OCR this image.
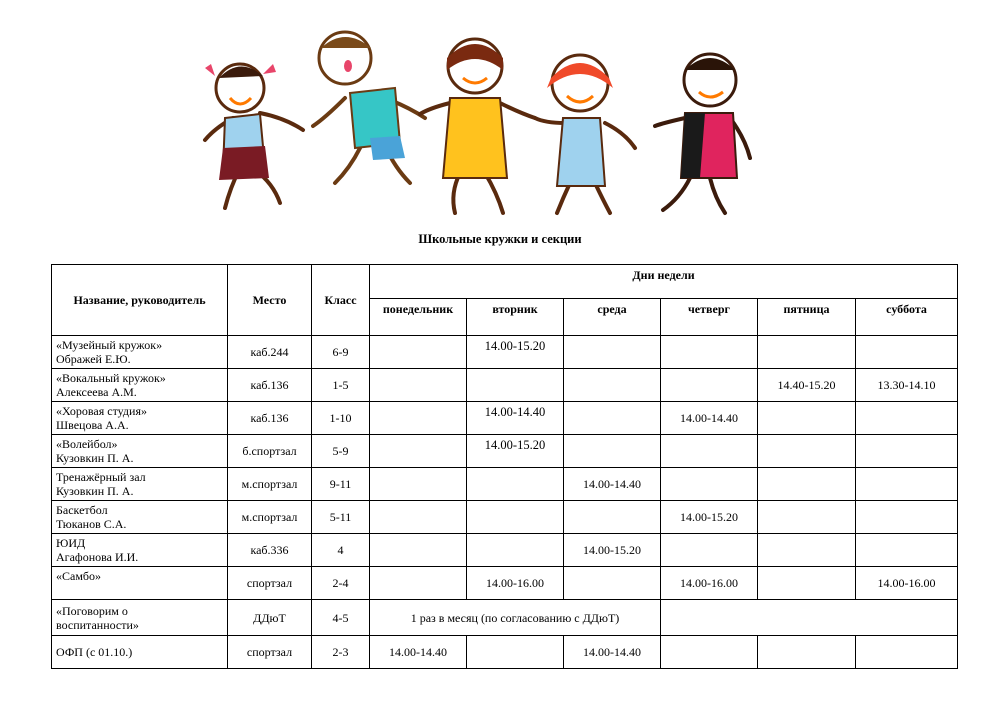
Школьные кружки и секции
Название, руководитель	Место	Класс	Дни недели					
			понедельник	вторник	среда	четверг	пятница	суббота

«Музейный кружок»
Ображей Е.Ю.	каб.244	6-9		14.00-15.20				

«Вокальный кружок»
Алексеева А.М.	каб.136	1-5					14.40-15.20	13.30-14.10

«Хоровая студия»
Швецова А.А.	каб.136	1-10		14.00-14.40		14.00-14.40		

«Волейбол»
Кузовкин П. А.	б.спортзал	5-9		14.00-15.20				

Тренажёрный зал
Кузовкин П. А.	м.спортзал	9-11			14.00-14.40			

Баскетбол
Тюканов С.А.	м.спортзал	5-11				14.00-15.20		

ЮИД
Агафонова И.И.	каб.336	4			14.00-15.20			

«Самбо»	спортзал	2-4		14.00-16.00		14.00-16.00		14.00-16.00

«Поговорим о
воспитанности»	ДДюТ	4-5	1 раз в месяц (по согласованию с ДДюТ)					

ОФП (с 01.10.)	спортзал	2-3	14.00-14.40		14.00-14.40			
